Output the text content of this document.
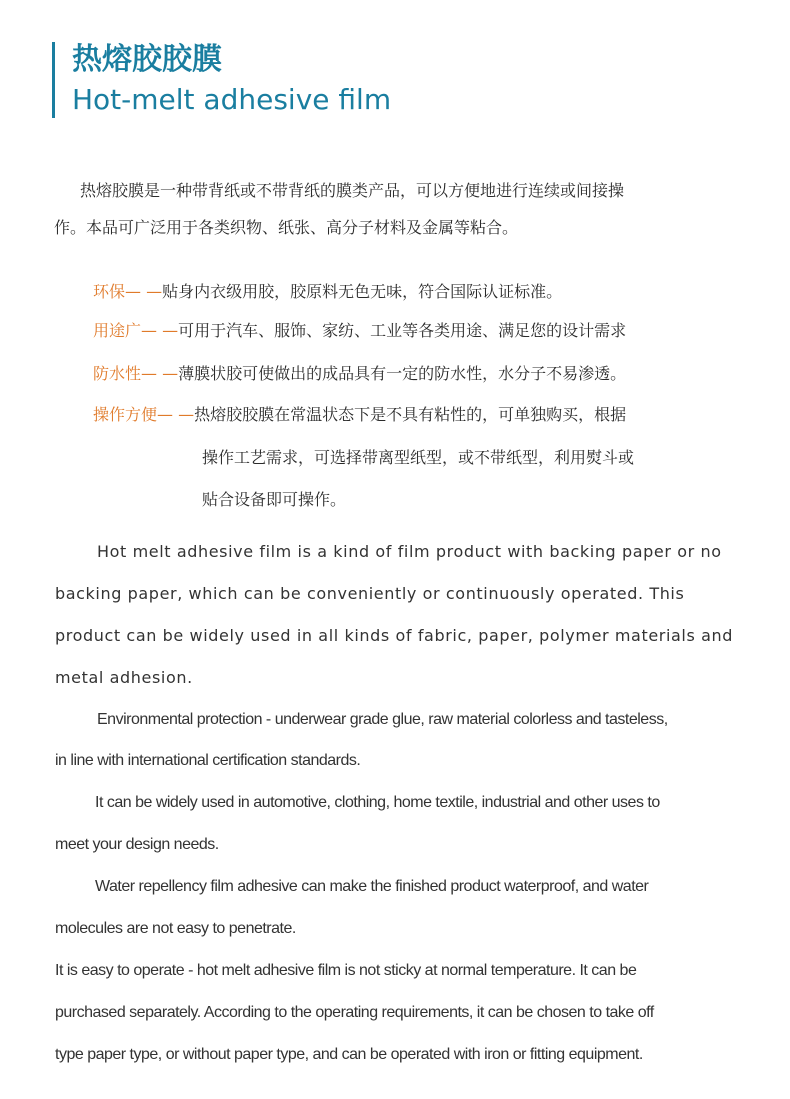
热熔胶胶膜
Hot-melt adhesive film

热熔胶膜是一种带背纸或不带背纸的膜类产品，可以方便地进行连续或间接操

作。本品可广泛用于各类织物、纸张、高分子材料及金属等粘合。

环保— —贴身内衣级用胶，胶原料无色无味，符合国际认证标准。
用途广— —可用于汽车、服饰、家纺、工业等各类用途、满足您的设计需求
防水性— —薄膜状胶可使做出的成品具有一定的防水性，水分子不易渗透。
操作方便— —热熔胶胶膜在常温状态下是不具有粘性的，可单独购买，根据
操作工艺需求，可选择带离型纸型，或不带纸型，利用熨斗或
贴合设备即可操作。
Hot melt adhesive film is a kind of film product with backing paper or no
backing paper, which can be conveniently or continuously operated. This
product can be widely used in all kinds of fabric, paper, polymer materials and
metal adhesion.
Environmental protection - underwear grade glue, raw material colorless and tasteless,
in line with international certification standards.
It can be widely used in automotive, clothing, home textile, industrial and other uses to
meet your design needs.
Water repellency film adhesive can make the finished product waterproof, and water
molecules are not easy to penetrate.
It is easy to operate - hot melt adhesive film is not sticky at normal temperature. It can be
purchased separately. According to the operating requirements, it can be chosen to take off
type paper type, or without paper type, and can be operated with iron or fitting equipment.
